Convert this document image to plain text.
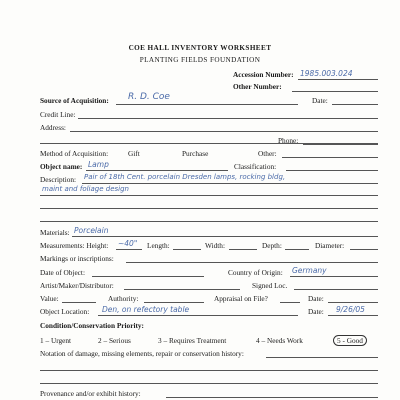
COE HALL INVENTORY WORKSHEET
PLANTING FIELDS FOUNDATION
Accession Number: 1985.003.024
Other Number:
Source of Acquisition: R. D. Coe	Date:
Credit Line:
Address:
Phone:
Method of Acquisition:	Gift	Purchase	Other:
Object name: Lamp	Classification:
Description: Pair of 18th Cent. porcelain Dresden lamps, rocking bldg,
maint and foliage design
Materials: Porcelain
Measurements: Height: ~40" Length:	Width:	Depth:	Diameter:
Markings or inscriptions:
Date of Object:	Country of Origin: Germany
Artist/Maker/Distributor:	Signed Loc.
Value:	Authority:	Appraisal on File?	Date:
Object Location: Den, on refectory table	Date: 9/26/05
Condition/Conservation Priority:
1 – Urgent	2 – Serious	3 – Requires Treatment	4 – Needs Work	5 - Good
Notation of damage, missing elements, repair or conservation history:
Provenance and/or exhibit history:
